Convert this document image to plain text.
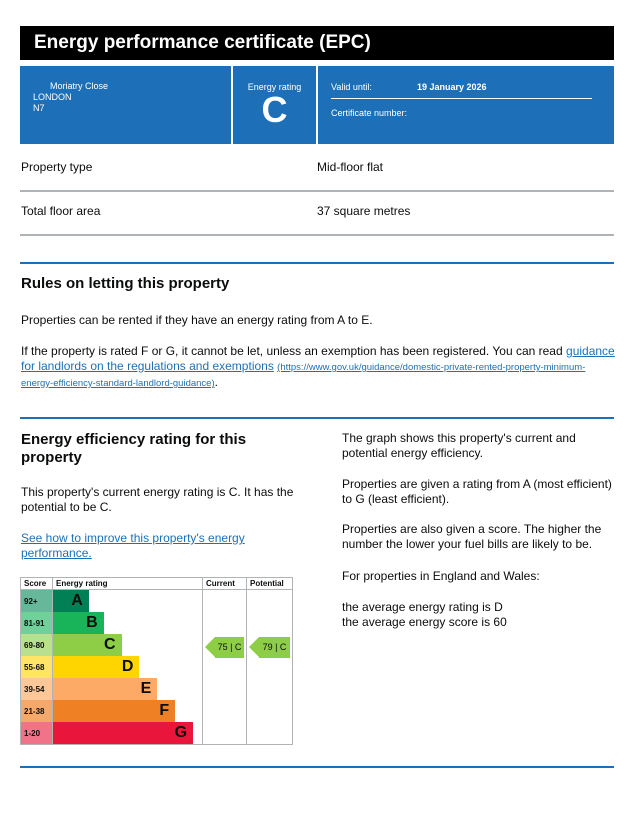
Energy performance certificate (EPC)
Moriatry Close
LONDON
N7
Energy rating
C
Valid until:	19 January 2026
Certificate number:
Property type	Mid-floor flat
Total floor area	37 square metres
Rules on letting this property
Properties can be rented if they have an energy rating from A to E.
If the property is rated F or G, it cannot be let, unless an exemption has been registered. You can read guidance for landlords on the regulations and exemptions (https://www.gov.uk/guidance/domestic-private-rented-property-minimum-energy-efficiency-standard-landlord-guidance).
Energy efficiency rating for this property
This property's current energy rating is C. It has the potential to be C.
See how to improve this property's energy performance.
The graph shows this property's current and potential energy efficiency.
Properties are given a rating from A (most efficient) to G (least efficient).
Properties are also given a score. The higher the number the lower your fuel bills are likely to be.
For properties in England and Wales:
the average energy rating is D
the average energy score is 60
Score	Energy rating	Current	Potential
92+	A		

81-91	B		

69-80	C	75 | C	79 | C

55-68	D		

39-54	E		

21-38	F		

1-20	G		
